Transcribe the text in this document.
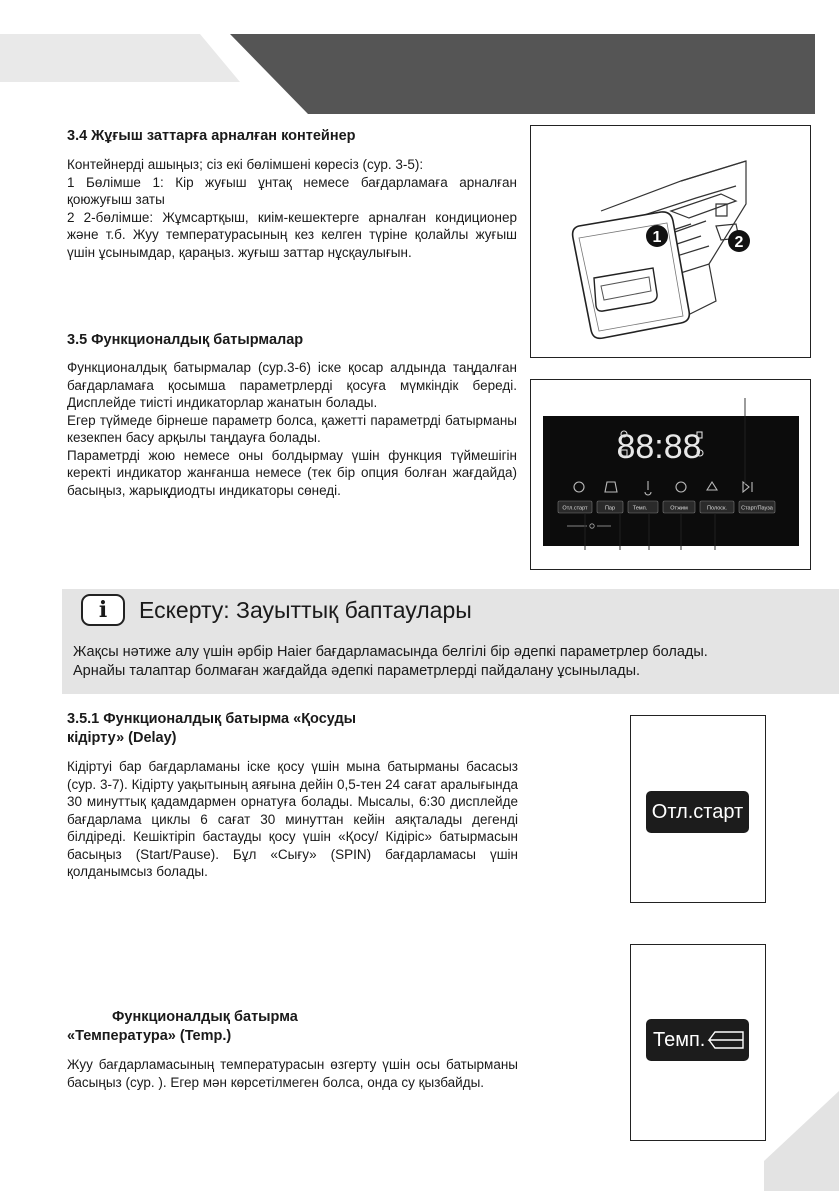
3.4 Жұғыш заттарға арналған контейнер

Контейнерді ашыңыз; сіз екі бөлімшені көресіз (сур. 3-5):

1 Бөлімше 1: Кір жуғыш ұнтақ немесе бағдарламаға арналған қоюжуғыш заты

2 2-бөлімше: Жұмсартқыш, киім-кешектерге арналған кондиционер және т.б. Жуу температурасының кез келген түріне қолайлы жуғыш үшін ұсынымдар, қараңыз. жуғыш заттар нұсқаулығын.

1	2
3.5 Функционалдық батырмалар

Функционалдық батырмалар (сур.3-6) іске қосар алдында таңдалған бағдарламаға қосымша параметрлерді қосуға мүмкіндік береді. Дисплейде тиісті индикаторлар жанатын болады.

Егер түймеде бірнеше параметр болса, қажетті параметрді батырманы кезекпен басу арқылы таңдауға болады.

Параметрді жою немесе оны болдырмау үшін функция түймешігін керекті индикатор жанғанша немесе (тек бір опция болған жағдайда) басыңыз, жарықдиодты индикаторы сөнеді.

88:88
Отл.старт	Пар	Темп.	Отжим	Полоск.	Старт/Пауза
i	Ескерту: Зауыттық баптаулары
Жақсы нәтиже алу үшін әрбір Haier бағдарламасында белгілі бір әдепкі параметрлер болады.
Арнайы талаптар болмаған жағдайда әдепкі параметрлерді пайдалану ұсынылады.
3.5.1 Функционалдық батырма «Қосуды
кідірту» (Delay)

Кідіртуі бар бағдарламаны іске қосу үшін мына батырманы басасыз (сур. 3-7). Кідірту уақытының аяғына дейін 0,5-тен 24 сағат аралығында 30 минуттық қадамдармен орнатуға болады. Мысалы, 6:30 дисплейде бағдарлама циклы 6 сағат 30 минуттан кейін аяқталады дегенді білдіреді. Кешіктіріп бастауды қосу үшін «Қосу/ Кідіріс» батырмасын басыңыз (Start/Pause). Бұл «Сығу» (SPIN) бағдарламасы үшін қолданымсыз болады.

Отл.старт
Функционалдық батырма
«Температура» (Temp.)

Жуу бағдарламасының температурасын өзгерту үшін осы батырманы басыңыз (сур. ). Егер мән көрсетілмеген болса, онда су қызбайды.

Темп.
